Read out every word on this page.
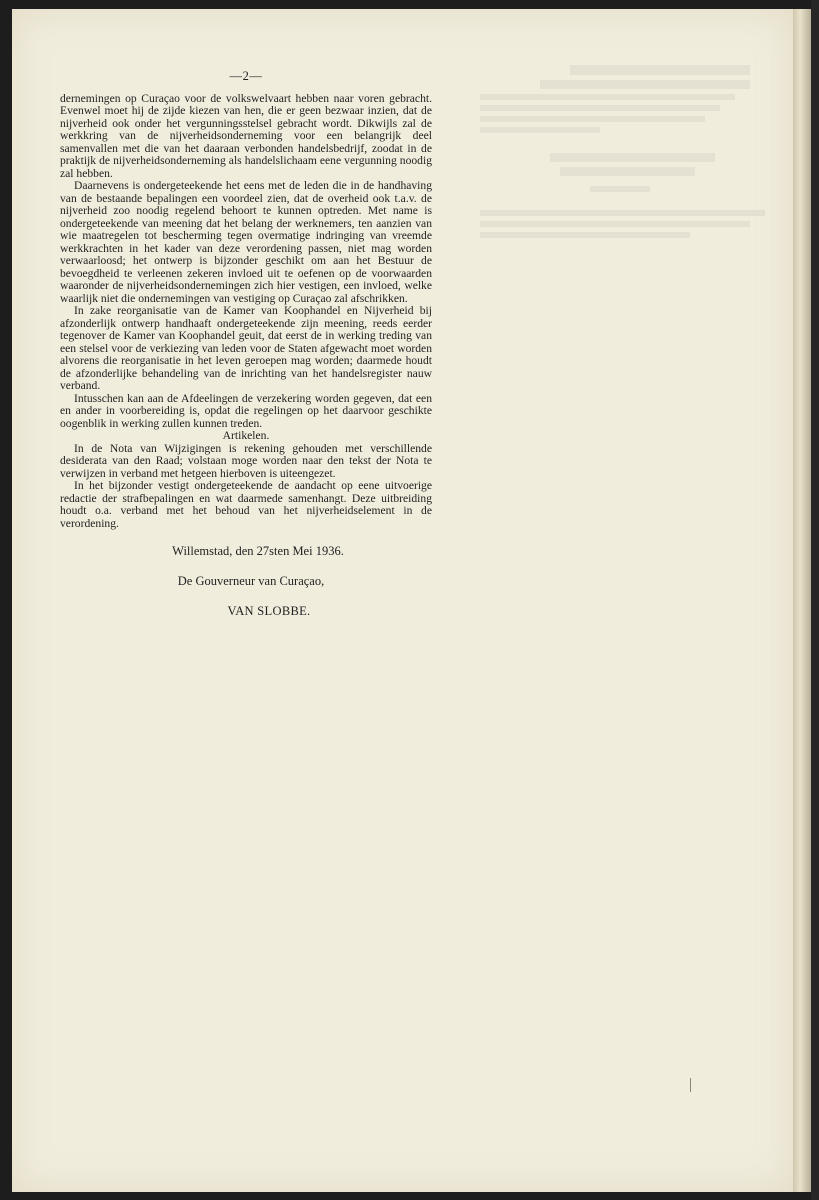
—2—

dernemingen op Curaçao voor de volkswelvaart hebben naar voren gebracht. Evenwel moet hij de zijde kiezen van hen, die er geen bezwaar inzien, dat de nijverheid ook onder het vergunningsstelsel gebracht wordt. Dikwijls zal de werkkring van de nijverheidsonderneming voor een belangrijk deel samenvallen met die van het daaraan verbonden handelsbedrijf, zoodat in de praktijk de nijverheidsonderneming als handelslichaam eene vergunning noodig zal hebben.

Daarnevens is ondergeteekende het eens met de leden die in de handhaving van de bestaande bepalingen een voordeel zien, dat de overheid ook t.a.v. de nijverheid zoo noodig regelend behoort te kunnen optreden. Met name is ondergeteekende van meening dat het belang der werknemers, ten aanzien van wie maatregelen tot bescherming tegen overmatige indringing van vreemde werkkrachten in het kader van deze verordening passen, niet mag worden verwaarloosd; het ontwerp is bijzonder geschikt om aan het Bestuur de bevoegdheid te verleenen zekeren invloed uit te oefenen op de voorwaarden waaronder de nijverheidsondernemingen zich hier vestigen, een invloed, welke waarlijk niet die ondernemingen van vestiging op Curaçao zal afschrikken.

In zake reorganisatie van de Kamer van Koophandel en Nijverheid bij afzonderlijk ontwerp handhaaft ondergeteekende zijn meening, reeds eerder tegenover de Kamer van Koophandel geuit, dat eerst de in werking treding van een stelsel voor de verkiezing van leden voor de Staten afgewacht moet worden alvorens die reorganisatie in het leven geroepen mag worden; daarmede houdt de afzonderlijke behandeling van de inrichting van het handelsregister nauw verband.

Intusschen kan aan de Afdeelingen de verzekering worden gegeven, dat een en ander in voorbereiding is, opdat die regelingen op het daarvoor geschikte oogenblik in werking zullen kunnen treden.

Artikelen.

In de Nota van Wijzigingen is rekening gehouden met verschillende desiderata van den Raad; volstaan moge worden naar den tekst der Nota te verwijzen in verband met hetgeen hierboven is uiteengezet.

In het bijzonder vestigt ondergeteekende de aandacht op eene uitvoerige redactie der strafbepalingen en wat daarmede samenhangt. Deze uitbreiding houdt o.a. verband met het behoud van het nijverheidselement in de verordening.

Willemstad, den 27sten Mei 1936.

De Gouverneur van Curaçao,

VAN SLOBBE.
